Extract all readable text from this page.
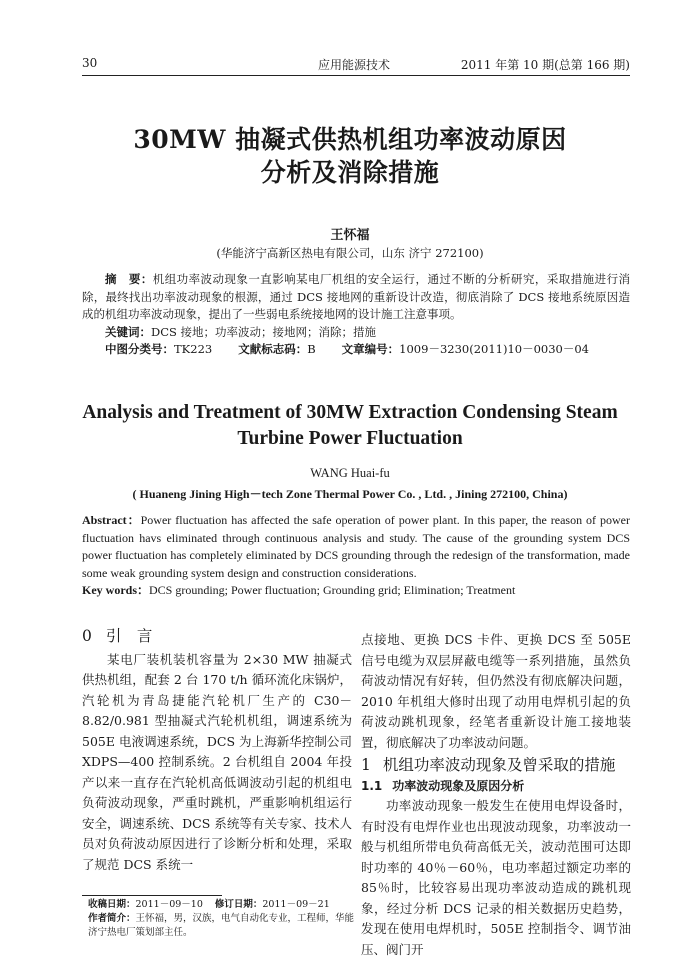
30	应用能源技术	2011 年第 10 期(总第 166 期)
30MW 抽凝式供热机组功率波动原因
分析及消除措施
王怀福
(华能济宁高新区热电有限公司，山东 济宁 272100)

摘　要：机组功率波动现象一直影响某电厂机组的安全运行，通过不断的分析研究，采取措施进行消除，最终找出功率波动现象的根源，通过 DCS 接地网的重新设计改造，彻底消除了 DCS 接地系统原因造成的机组功率波动现象，提出了一些弱电系统接地网的设计施工注意事项。

关键词：DCS 接地；功率波动；接地网；消除；措施

中图分类号：TK223 文献标志码：B 文章编号：1009－3230(2011)10－0030－04

Analysis and Treatment of 30MW Extraction Condensing Steam
Turbine Power Fluctuation
WANG Huai-fu
( Huaneng Jining High－tech Zone Thermal Power Co. , Ltd. , Jining 272100, China)

Abstract：Power fluctuation has affected the safe operation of power plant. In this paper, the reason of power fluctuation havs eliminated through continuous analysis and study. The cause of the grounding system DCS power fluctuation has completely eliminated by DCS grounding through the redesign of the transformation, made some weak grounding system design and construction considerations.

Key words：DCS grounding; Power fluctuation; Grounding grid; Elimination; Treatment

0 引　言

某电厂装机装机容量为 2×30 MW 抽凝式供热机组，配套 2 台 170 t/h 循环流化床锅炉，汽轮机为青岛捷能汽轮机厂生产的 C30－8.82/0.981 型抽凝式汽轮机机组，调速系统为 505E 电液调速系统，DCS 为上海新华控制公司 XDPS—400 控制系统。2 台机组自 2004 年投产以来一直存在汽轮机高低调波动引起的机组电负荷波动现象，严重时跳机，严重影响机组运行安全，调速系统、DCS 系统等有关专家、技术人员对负荷波动原因进行了诊断分析和处理，采取了规范 DCS 系统一

收稿日期：2011－09－10 修订日期：2011－09－21

作者简介：王怀福，男，汉族，电气自动化专业，工程师，华能济宁热电厂策划部主任。

点接地、更换 DCS 卡件、更换 DCS 至 505E 信号电缆为双层屏蔽电缆等一系列措施，虽然负荷波动情况有好转，但仍然没有彻底解决问题，2010 年机组大修时出现了动用电焊机引起的负荷波动跳机现象，经笔者重新设计施工接地装置，彻底解决了功率波动问题。

1 机组功率波动现象及曾采取的措施

1.1 功率波动现象及原因分析

功率波动现象一般发生在使用电焊设备时，有时没有电焊作业也出现波动现象，功率波动一般与机组所带电负荷高低无关，波动范围可达即时功率的 40％－60％，电功率超过额定功率的 85％时，比较容易出现功率波动造成的跳机现象，经过分析 DCS 记录的相关数据历史趋势，发现在使用电焊机时，505E 控制指令、调节油压、阀门开
